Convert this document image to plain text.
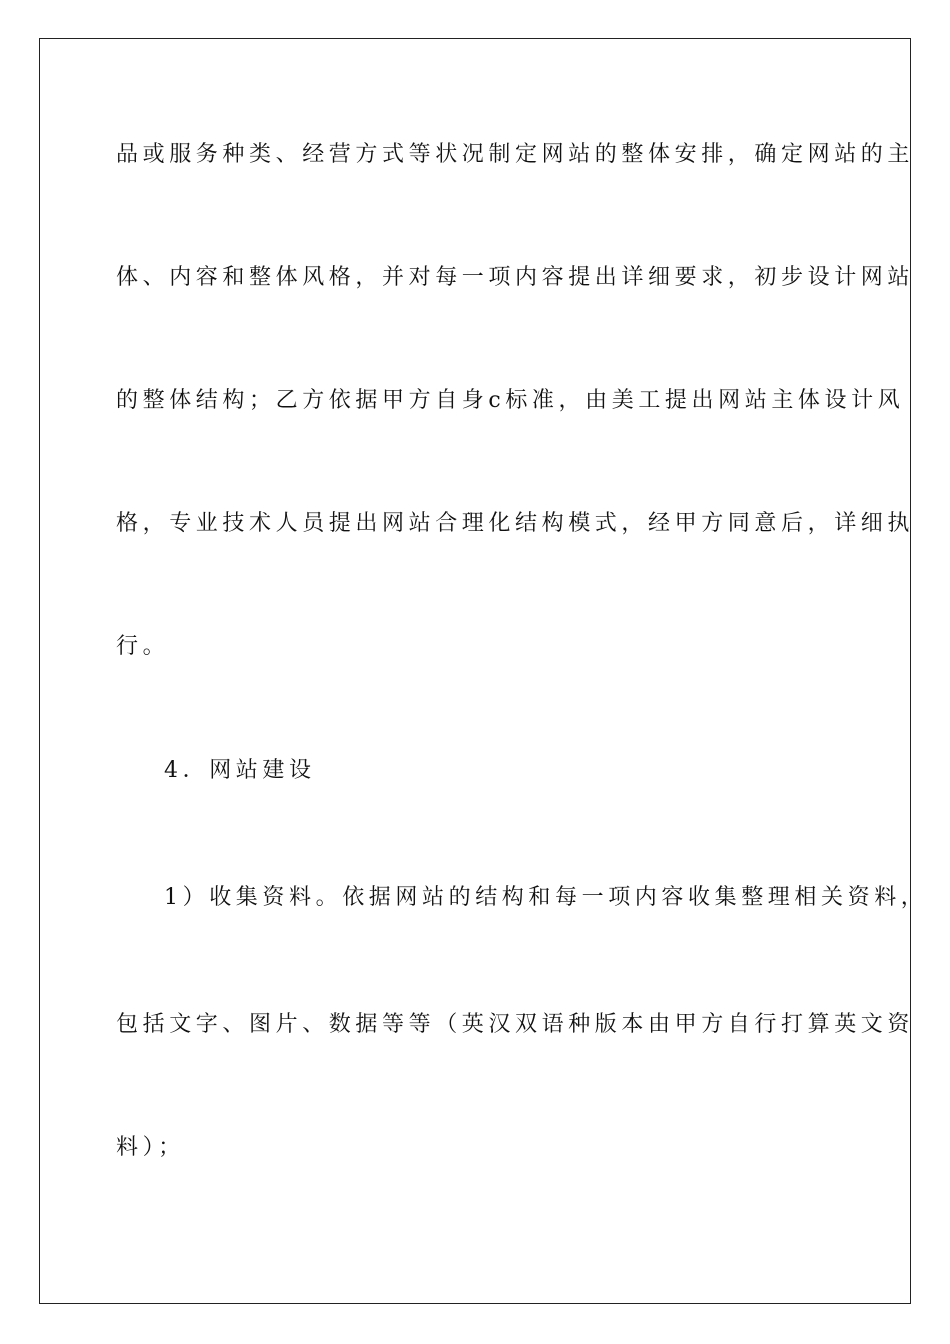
品或服务种类、经营方式等状况制定网站的整体安排，确定网站的主
体、内容和整体风格，并对每一项内容提出详细要求，初步设计网站
的整体结构；乙方依据甲方自身c标准，由美工提出网站主体设计风
格，专业技术人员提出网站合理化结构模式，经甲方同意后，详细执
行。
4．网站建设
1）收集资料。依据网站的结构和每一项内容收集整理相关资料，
包括文字、图片、数据等等（英汉双语种版本由甲方自行打算英文资
料）；
